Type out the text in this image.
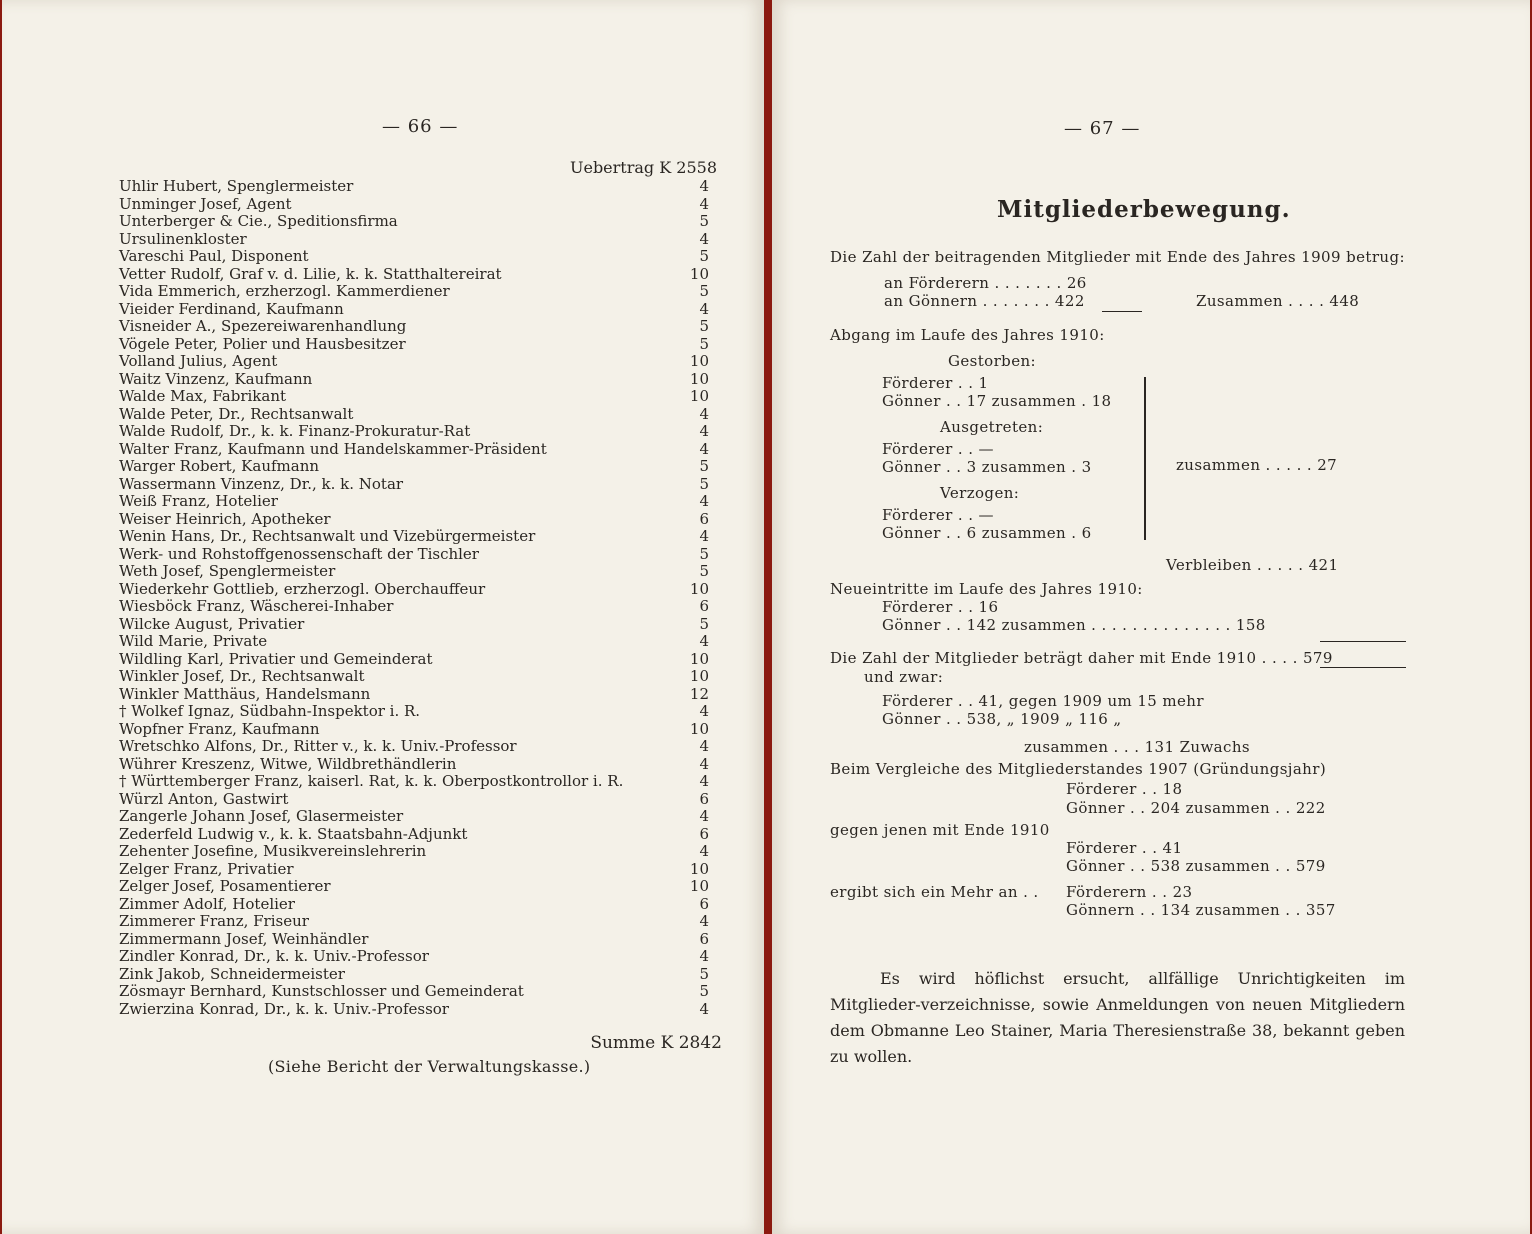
— 66 —
Uebertrag K 2558
Uhlir Hubert, Spenglermeister	4
Unminger Josef, Agent	4
Unterberger & Cie., Speditionsfirma	5
Ursulinenkloster	4
Vareschi Paul, Disponent	5
Vetter Rudolf, Graf v. d. Lilie, k. k. Statthaltereirat	10
Vida Emmerich, erzherzogl. Kammerdiener	5
Vieider Ferdinand, Kaufmann	4
Visneider A., Spezereiwarenhandlung	5
Vögele Peter, Polier und Hausbesitzer	5
Volland Julius, Agent	10
Waitz Vinzenz, Kaufmann	10
Walde Max, Fabrikant	10
Walde Peter, Dr., Rechtsanwalt	4
Walde Rudolf, Dr., k. k. Finanz-Prokuratur-Rat	4
Walter Franz, Kaufmann und Handelskammer-Präsident	4
Warger Robert, Kaufmann	5
Wassermann Vinzenz, Dr., k. k. Notar	5
Weiß Franz, Hotelier	4
Weiser Heinrich, Apotheker	6
Wenin Hans, Dr., Rechtsanwalt und Vizebürgermeister	4
Werk- und Rohstoffgenossenschaft der Tischler	5
Weth Josef, Spenglermeister	5
Wiederkehr Gottlieb, erzherzogl. Oberchauffeur	10
Wiesböck Franz, Wäscherei-Inhaber	6
Wilcke August, Privatier	5
Wild Marie, Private	4
Wildling Karl, Privatier und Gemeinderat	10
Winkler Josef, Dr., Rechtsanwalt	10
Winkler Matthäus, Handelsmann	12
† Wolkef Ignaz, Südbahn-Inspektor i. R.	4
Wopfner Franz, Kaufmann	10
Wretschko Alfons, Dr., Ritter v., k. k. Univ.-Professor	4
Wührer Kreszenz, Witwe, Wildbrethändlerin	4
† Württemberger Franz, kaiserl. Rat, k. k. Oberpostkontrollor i. R.	4
Würzl Anton, Gastwirt	6
Zangerle Johann Josef, Glasermeister	4
Zederfeld Ludwig v., k. k. Staatsbahn-Adjunkt	6
Zehenter Josefine, Musikvereinslehrerin	4
Zelger Franz, Privatier	10
Zelger Josef, Posamentierer	10
Zimmer Adolf, Hotelier	6
Zimmerer Franz, Friseur	4
Zimmermann Josef, Weinhändler	6
Zindler Konrad, Dr., k. k. Univ.-Professor	4
Zink Jakob, Schneidermeister	5
Zösmayr Bernhard, Kunstschlosser und Gemeinderat	5
Zwierzina Konrad, Dr., k. k. Univ.-Professor	4
Summe K 2842
(Siehe Bericht der Verwaltungskasse.)
— 67 —
Mitgliederbewegung.
Die Zahl der beitragenden Mitglieder mit Ende des Jahres 1909 betrug:
an Förderern . . . . . . . 26
an Gönnern . . . . . . . 422	Zusammen . . . . 448
Abgang im Laufe des Jahres 1910:
Gestorben:
Förderer . . 1
Gönner . . 17 zusammen . 18
Ausgetreten:
Förderer . . —
Gönner . . 3 zusammen . 3
Verzogen:
Förderer . . —
Gönner . . 6 zusammen . 6
zusammen . . . . . 27
Verbleiben . . . . . 421
Neueintritte im Laufe des Jahres 1910:
Förderer . . 16
Gönner . . 142 zusammen . . . . . . . . . . . . . . 158
Die Zahl der Mitglieder beträgt daher mit Ende 1910 . . . . 579
und zwar:
Förderer . . 41, gegen 1909 um 15 mehr
Gönner . . 538, „ 1909 „ 116 „
zusammen . . . 131 Zuwachs
Beim Vergleiche des Mitgliederstandes 1907 (Gründungsjahr)
Förderer . . 18
Gönner . . 204 zusammen . . 222
gegen jenen mit Ende 1910
Förderer . . 41
Gönner . . 538 zusammen . . 579
ergibt sich ein Mehr an . . Förderern . . 23
Gönnern . . 134 zusammen . . 357
Es wird höflichst ersucht, allfällige Unrichtigkeiten im Mitglieder-verzeichnisse, sowie Anmeldungen von neuen Mitgliedern dem Obmanne Leo Stainer, Maria Theresienstraße 38, bekannt geben zu wollen.
